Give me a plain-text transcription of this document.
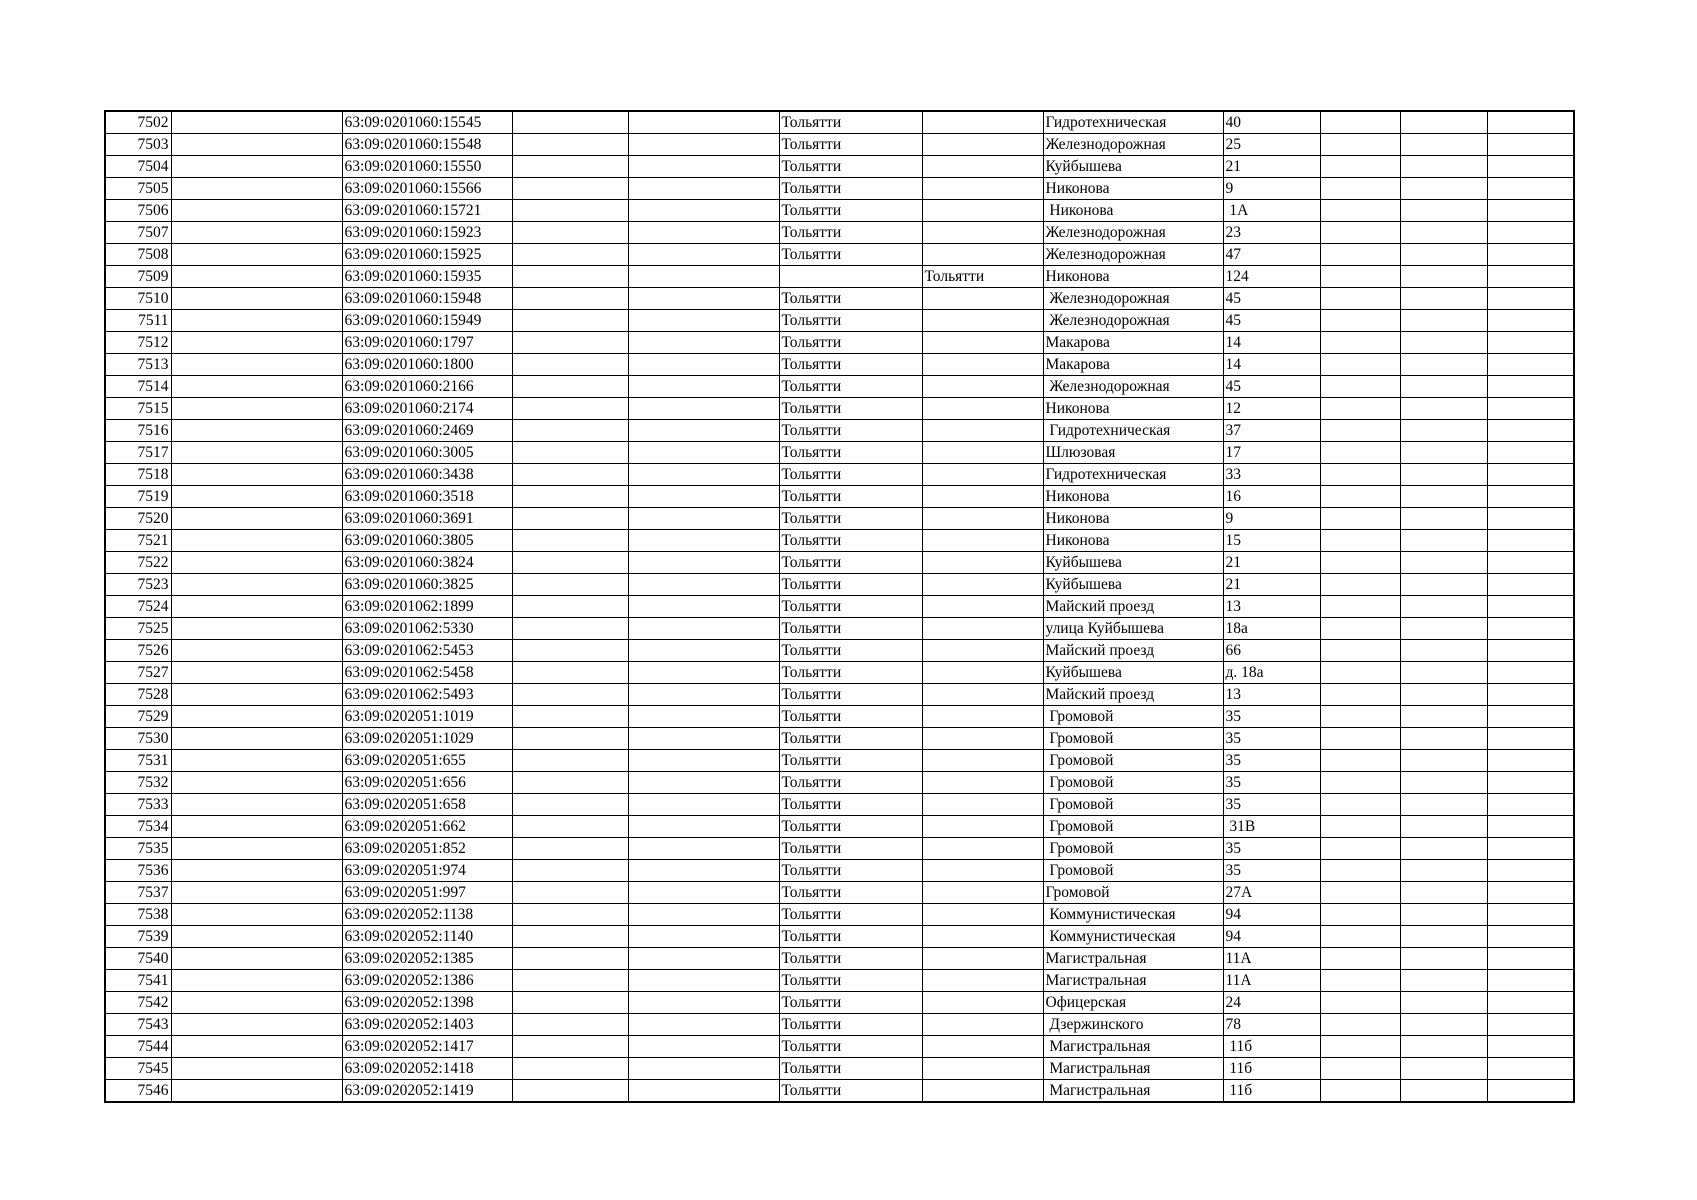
7502		63:09:0201060:15545			Тольятти		Гидротехническая	40			
7503		63:09:0201060:15548			Тольятти		Железнодорожная	25			
7504		63:09:0201060:15550			Тольятти		Куйбышева	21			
7505		63:09:0201060:15566			Тольятти		Никонова	9			
7506		63:09:0201060:15721			Тольятти		Никонова	1А			
7507		63:09:0201060:15923			Тольятти		Железнодорожная	23			
7508		63:09:0201060:15925			Тольятти		Железнодорожная	47			
7509		63:09:0201060:15935				Тольятти	Никонова	124			
7510		63:09:0201060:15948			Тольятти		Железнодорожная	45			
7511		63:09:0201060:15949			Тольятти		Железнодорожная	45			
7512		63:09:0201060:1797			Тольятти		Макарова	14			
7513		63:09:0201060:1800			Тольятти		Макарова	14			
7514		63:09:0201060:2166			Тольятти		Железнодорожная	45			
7515		63:09:0201060:2174			Тольятти		Никонова	12			
7516		63:09:0201060:2469			Тольятти		Гидротехническая	37			
7517		63:09:0201060:3005			Тольятти		Шлюзовая	17			
7518		63:09:0201060:3438			Тольятти		Гидротехническая	33			
7519		63:09:0201060:3518			Тольятти		Никонова	16			
7520		63:09:0201060:3691			Тольятти		Никонова	9			
7521		63:09:0201060:3805			Тольятти		Никонова	15			
7522		63:09:0201060:3824			Тольятти		Куйбышева	21			
7523		63:09:0201060:3825			Тольятти		Куйбышева	21			
7524		63:09:0201062:1899			Тольятти		Майский проезд	13			
7525		63:09:0201062:5330			Тольятти		улица Куйбышева	18а			
7526		63:09:0201062:5453			Тольятти		Майский проезд	66			
7527		63:09:0201062:5458			Тольятти		Куйбышева	д. 18а			
7528		63:09:0201062:5493			Тольятти		Майский проезд	13			
7529		63:09:0202051:1019			Тольятти		Громовой	35			
7530		63:09:0202051:1029			Тольятти		Громовой	35			
7531		63:09:0202051:655			Тольятти		Громовой	35			
7532		63:09:0202051:656			Тольятти		Громовой	35			
7533		63:09:0202051:658			Тольятти		Громовой	35			
7534		63:09:0202051:662			Тольятти		Громовой	31В			
7535		63:09:0202051:852			Тольятти		Громовой	35			
7536		63:09:0202051:974			Тольятти		Громовой	35			
7537		63:09:0202051:997			Тольятти		Громовой	27А			
7538		63:09:0202052:1138			Тольятти		Коммунистическая	94			
7539		63:09:0202052:1140			Тольятти		Коммунистическая	94			
7540		63:09:0202052:1385			Тольятти		Магистральная	11А			
7541		63:09:0202052:1386			Тольятти		Магистральная	11А			
7542		63:09:0202052:1398			Тольятти		Офицерская	24			
7543		63:09:0202052:1403			Тольятти		Дзержинского	78			
7544		63:09:0202052:1417			Тольятти		Магистральная	11б			
7545		63:09:0202052:1418			Тольятти		Магистральная	11б			
7546		63:09:0202052:1419			Тольятти		Магистральная	11б			
